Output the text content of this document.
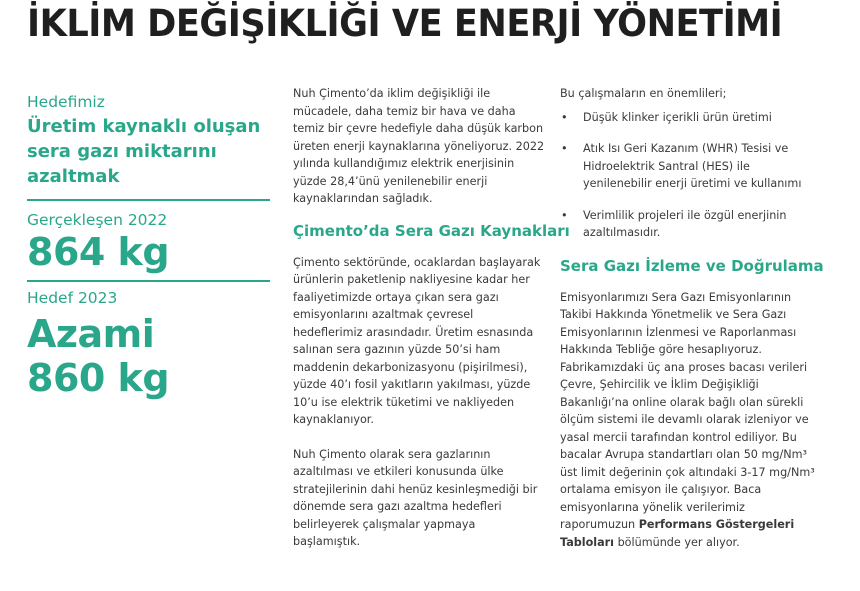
İKLİM DEĞİŞİKLİĞİ VE ENERJİ YÖNETİMİ
Hedefimiz
Üretim kaynaklı oluşan sera gazı miktarını azaltmak
Gerçekleşen 2022
864 kg
Hedef 2023
Azami
860 kg

Nuh Çimento’da iklim değişikliği ile mücadele, daha temiz bir hava ve daha temiz bir çevre hedefiyle daha düşük karbon üreten enerji kaynaklarına yöneliyoruz. 2022 yılında kullandığımız elektrik enerjisinin yüzde 28,4’ünü yenilenebilir enerji kaynaklarından sağladık.

Çimento’da Sera Gazı Kaynakları

Çimento sektöründe, ocaklardan başlayarak ürünlerin paketlenip nakliyesine kadar her faaliyetimizde ortaya çıkan sera gazı emisyonlarını azaltmak çevresel hedeflerimiz arasındadır. Üretim esnasında salınan sera gazının yüzde 50’si ham maddenin dekarbonizasyonu (pişirilmesi), yüzde 40’ı fosil yakıtların yakılması, yüzde 10’u ise elektrik tüketimi ve nakliyeden kaynaklanıyor.

Nuh Çimento olarak sera gazlarının azaltılması ve etkileri konusunda ülke stratejilerinin dahi henüz kesinleşmediği bir dönemde sera gazı azaltma hedefleri belirleyerek çalışmalar yapmaya başlamıştık.

Bu çalışmaların en önemlileri;

• Düşük klinker içerikli ürün üretimi
• Atık Isı Geri Kazanım (WHR) Tesisi ve Hidroelektrik Santral (HES) ile yenilenebilir enerji üretimi ve kullanımı
• Verimlilik projeleri ile özgül enerjinin azaltılmasıdır.
Sera Gazı İzleme ve Doğrulama

Emisyonlarımızı Sera Gazı Emisyonlarının Takibi Hakkında Yönetmelik ve Sera Gazı Emisyonlarının İzlenmesi ve Raporlanması Hakkında Tebliğe göre hesaplıyoruz. Fabrikamızdaki üç ana proses bacası verileri Çevre, Şehircilik ve İklim Değişikliği Bakanlığı’na online olarak bağlı olan sürekli ölçüm sistemi ile devamlı olarak izleniyor ve yasal mercii tarafından kontrol ediliyor. Bu bacalar Avrupa standartları olan 50 mg/Nm³ üst limit değerinin çok altındaki 3-17 mg/Nm³ ortalama emisyon ile çalışıyor. Baca emisyonlarına yönelik verilerimiz raporumuzun Performans Göstergeleri Tabloları bölümünde yer alıyor.
